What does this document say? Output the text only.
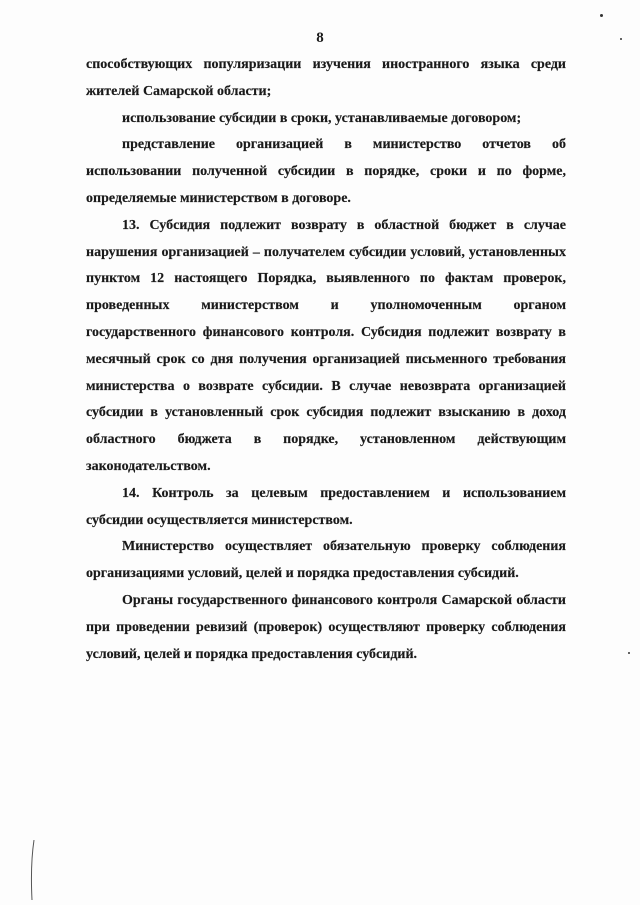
8

способствующих популяризации изучения иностранного языка среди жителей Самарской области;

использование субсидии в сроки, устанавливаемые договором;

представление организацией в министерство отчетов об использовании полученной субсидии в порядке, сроки и по форме, определяемые министерством в договоре.

13. Субсидия подлежит возврату в областной бюджет в случае нарушения организацией – получателем субсидии условий, установленных пунктом 12 настоящего Порядка, выявленного по фактам проверок, проведенных министерством и уполномоченным органом государственного финансового контроля. Субсидия подлежит возврату в месячный срок со дня получения организацией письменного требования министерства о возврате субсидии. В случае невозврата организацией субсидии в установленный срок субсидия подлежит взысканию в доход областного бюджета в порядке, установленном действующим законодательством.

14. Контроль за целевым предоставлением и использованием субсидии осуществляется министерством.

Министерство осуществляет обязательную проверку соблюдения организациями условий, целей и порядка предоставления субсидий.

Органы государственного финансового контроля Самарской области при проведении ревизий (проверок) осуществляют проверку соблюдения условий, целей и порядка предоставления субсидий.
